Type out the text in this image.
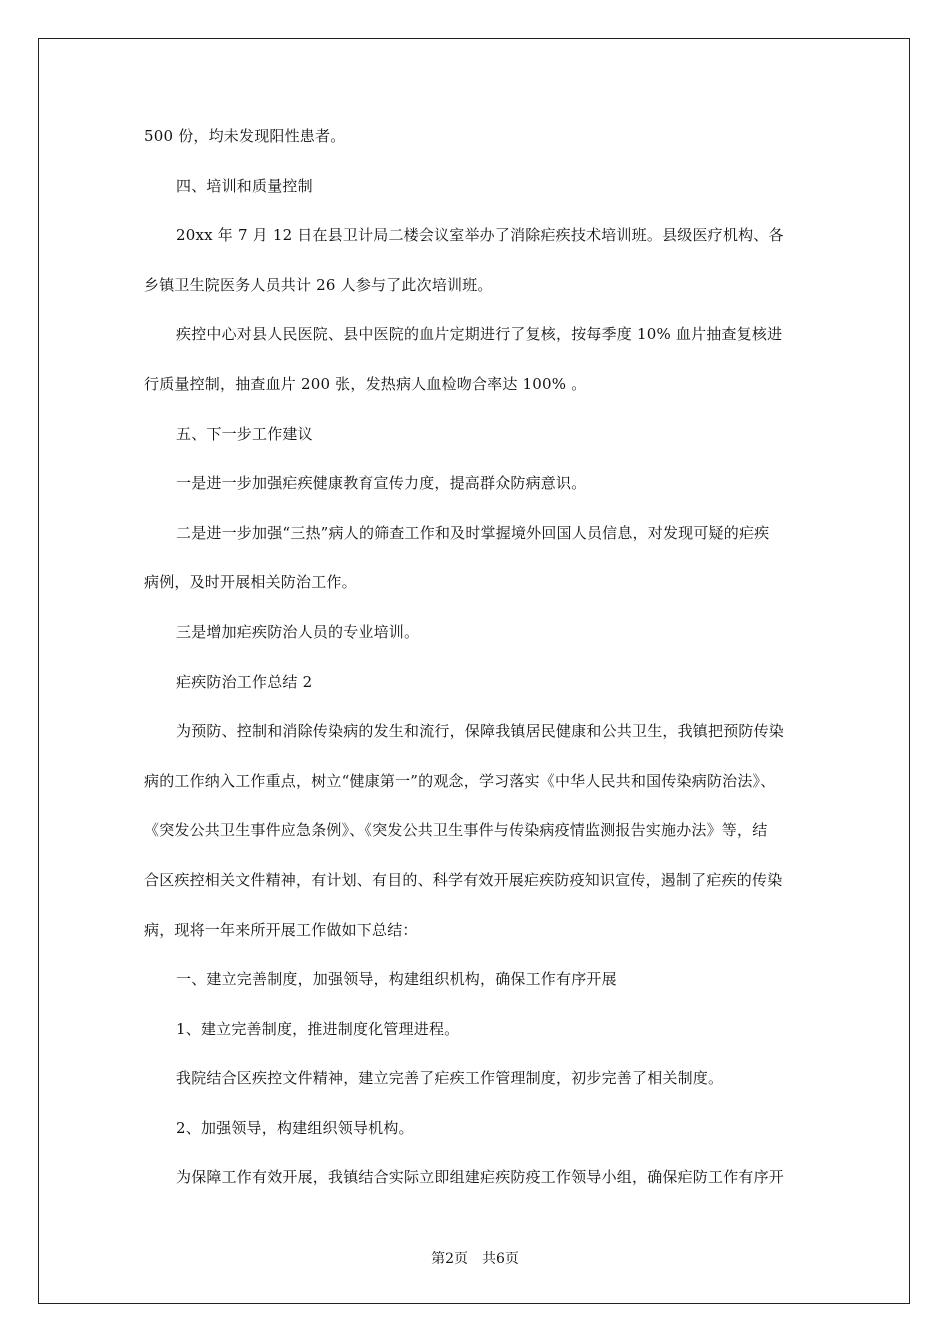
500 份，均未发现阳性患者。

四、培训和质量控制

20xx 年 7 月 12 日在县卫计局二楼会议室举办了消除疟疾技术培训班。县级医疗机构、各

乡镇卫生院医务人员共计 26 人参与了此次培训班。

疾控中心对县人民医院、县中医院的血片定期进行了复核，按每季度 10% 血片抽查复核进

行质量控制，抽查血片 200 张，发热病人血检吻合率达 100% 。

五、下一步工作建议

一是进一步加强疟疾健康教育宣传力度，提高群众防病意识。

二是进一步加强“三热”病人的筛查工作和及时掌握境外回国人员信息，对发现可疑的疟疾

病例，及时开展相关防治工作。

三是增加疟疾防治人员的专业培训。

疟疾防治工作总结 2

为预防、控制和消除传染病的发生和流行，保障我镇居民健康和公共卫生，我镇把预防传染

病的工作纳入工作重点，树立“健康第一”的观念，学习落实《中华人民共和国传染病防治法》、

《突发公共卫生事件应急条例》、《突发公共卫生事件与传染病疫情监测报告实施办法》等，结

合区疾控相关文件精神，有计划、有目的、科学有效开展疟疾防疫知识宣传，遏制了疟疾的传染

病，现将一年来所开展工作做如下总结：

一、建立完善制度，加强领导，构建组织机构，确保工作有序开展

1、建立完善制度，推进制度化管理进程。

我院结合区疾控文件精神，建立完善了疟疾工作管理制度，初步完善了相关制度。

2、加强领导，构建组织领导机构。

为保障工作有效开展，我镇结合实际立即组建疟疾防疫工作领导小组，确保疟防工作有序开

第2页 共6页
